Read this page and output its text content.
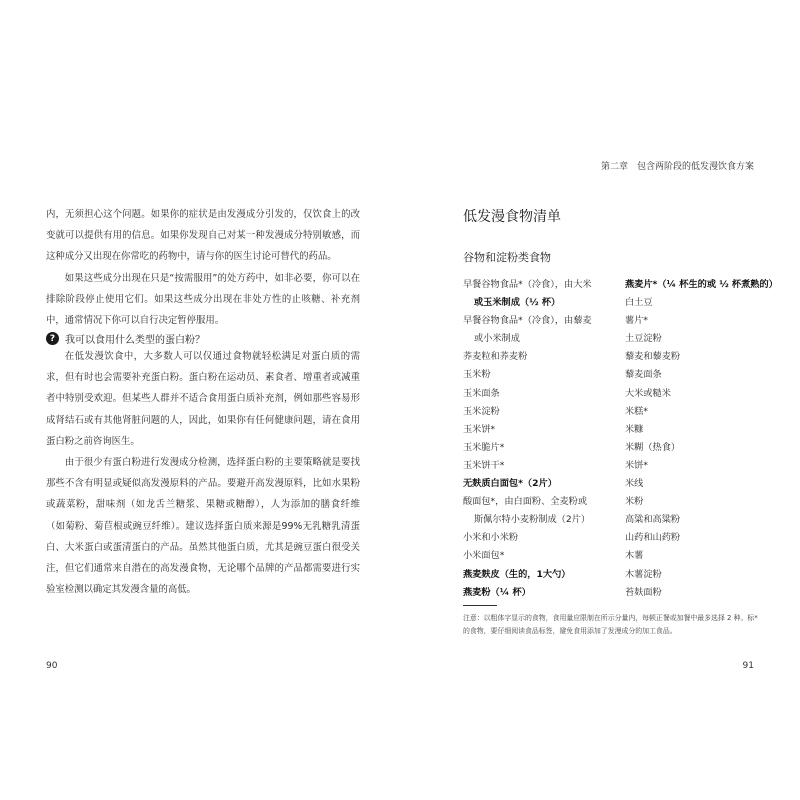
内，无须担心这个问题。如果你的症状是由发漫成分引发的，仅饮食上的改变就可以提供有用的信息。如果你发现自己对某一种发漫成分特别敏感，而这种成分又出现在你常吃的药物中，请与你的医生讨论可替代的药品。

如果这些成分出现在只是“按需服用”的处方药中，如非必要，你可以在排除阶段停止使用它们。如果这些成分出现在非处方性的止咳糖、补充剂中，通常情况下你可以自行决定暂停服用。

? 我可以食用什么类型的蛋白粉？

在低发漫饮食中，大多数人可以仅通过食物就轻松满足对蛋白质的需求，但有时也会需要补充蛋白粉。蛋白粉在运动员、素食者、增重者或减重者中特别受欢迎。但某些人群并不适合食用蛋白质补充剂，例如那些容易形成肾结石或有其他肾脏问题的人，因此，如果你有任何健康问题，请在食用蛋白粉之前咨询医生。

由于很少有蛋白粉进行发漫成分检测，选择蛋白粉的主要策略就是要找那些不含有明显或疑似高发漫原料的产品。要避开高发漫原料，比如水果粉或蔬菜粉，甜味剂（如龙舌兰糖浆、果糖或糖醇），人为添加的膳食纤维（如菊粉、菊苣根或豌豆纤维）。建议选择蛋白质来源是99%无乳糖乳清蛋白、大米蛋白或蛋清蛋白的产品。虽然其他蛋白质，尤其是豌豆蛋白很受关注，但它们通常来自潜在的高发漫食物，无论哪个品牌的产品都需要进行实验室检测以确定其发漫含量的高低。

90
第二章　包含两阶段的低发漫饮食方案
低发漫食物清单
谷物和淀粉类食物
早餐谷物食品*（冷食），由大米
或玉米制成（½ 杯）
早餐谷物食品*（冷食），由藜麦
或小米制成
荞麦粒和荞麦粉
玉米粉
玉米面条
玉米淀粉
玉米饼*
玉米脆片*
玉米饼干*
无麸质白面包*（2片）
酸面包*，由白面粉、全麦粉或
斯佩尔特小麦粉制成（2片）
小米和小米粉
小米面包*
燕麦麸皮（生的，1大勺）
燕麦粉（¼ 杯）
燕麦片*（¼ 杯生的或 ½ 杯煮熟的）
白土豆
薯片*
土豆淀粉
藜麦和藜麦粉
藜麦面条
大米或糙米
米糕*
米糠
米糊（热食）
米饼*
米线
米粉
高粱和高粱粉
山药和山药粉
木薯
木薯淀粉
苔麸面粉
注意：以粗体字显示的食物，食用量应限制在所示分量内，每顿正餐或加餐中最多选择 2 种。标*的食物，要仔细阅读食品标签，避免食用添加了发漫成分的加工食品。
91
